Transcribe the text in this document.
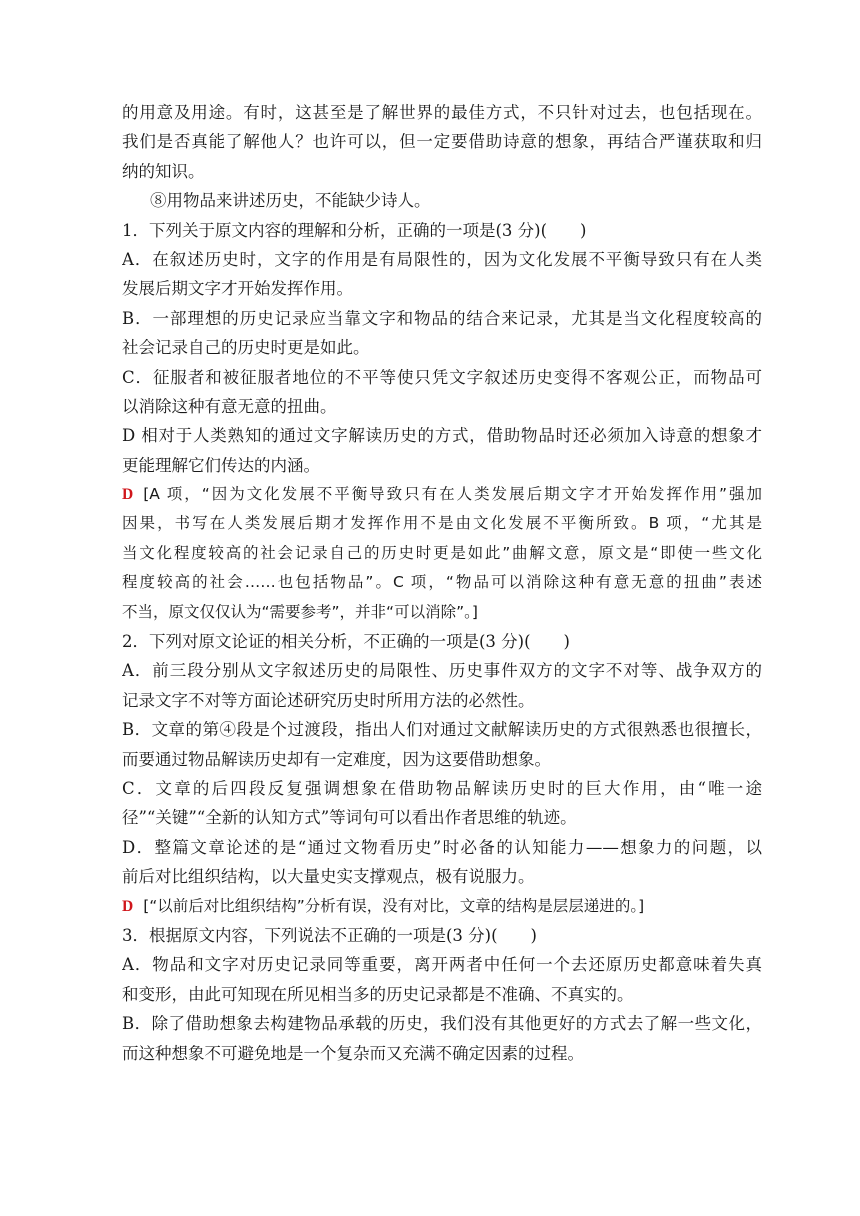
的用意及用途。有时，这甚至是了解世界的最佳方式，不只针对过去，也包括现在。
我们是否真能了解他人？也许可以，但一定要借助诗意的想象，再结合严谨获取和归
纳的知识。
⑧用物品来讲述历史，不能缺少诗人。
1．下列关于原文内容的理解和分析，正确的一项是(3 分)(　　)
A．在叙述历史时，文字的作用是有局限性的，因为文化发展不平衡导致只有在人类
发展后期文字才开始发挥作用。
B．一部理想的历史记录应当靠文字和物品的结合来记录，尤其是当文化程度较高的
社会记录自己的历史时更是如此。
C．征服者和被征服者地位的不平等使只凭文字叙述历史变得不客观公正，而物品可
以消除这种有意无意的扭曲。
D 相对于人类熟知的通过文字解读历史的方式，借助物品时还必须加入诗意的想象才
更能理解它们传达的内涵。
D [A 项，“因为文化发展不平衡导致只有在人类发展后期文字才开始发挥作用”强加
因果，书写在人类发展后期才发挥作用不是由文化发展不平衡所致。B 项，“尤其是
当文化程度较高的社会记录自己的历史时更是如此”曲解文意，原文是“即使一些文化
程度较高的社会……也包括物品”。C 项，“物品可以消除这种有意无意的扭曲”表述
不当，原文仅仅认为“需要参考”，并非“可以消除”。]
2．下列对原文论证的相关分析，不正确的一项是(3 分)(　　)
A．前三段分别从文字叙述历史的局限性、历史事件双方的文字不对等、战争双方的
记录文字不对等方面论述研究历史时所用方法的必然性。
B．文章的第④段是个过渡段，指出人们对通过文献解读历史的方式很熟悉也很擅长，
而要通过物品解读历史却有一定难度，因为这要借助想象。
C．文章的后四段反复强调想象在借助物品解读历史时的巨大作用，由“唯一途
径”“关键”“全新的认知方式”等词句可以看出作者思维的轨迹。
D．整篇文章论述的是“通过文物看历史”时必备的认知能力——想象力的问题，以
前后对比组织结构，以大量史实支撑观点，极有说服力。
D [“以前后对比组织结构”分析有误，没有对比，文章的结构是层层递进的。]
3．根据原文内容，下列说法不正确的一项是(3 分)(　　)
A．物品和文字对历史记录同等重要，离开两者中任何一个去还原历史都意味着失真
和变形，由此可知现在所见相当多的历史记录都是不准确、不真实的。
B．除了借助想象去构建物品承载的历史，我们没有其他更好的方式去了解一些文化，
而这种想象不可避免地是一个复杂而又充满不确定因素的过程。
